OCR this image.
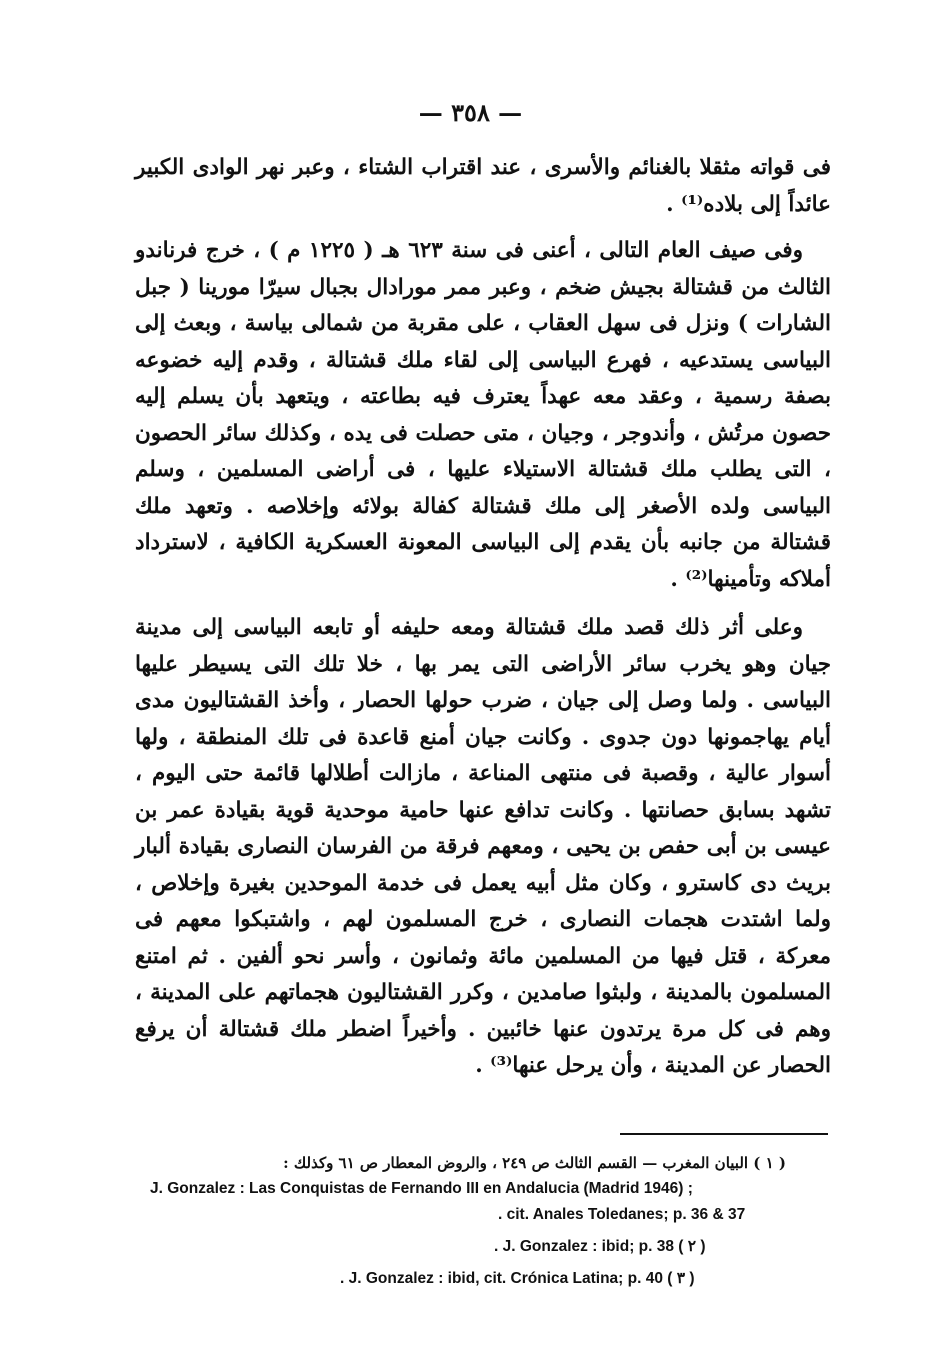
— ٣٥٨ —

فى قواته مثقلا بالغنائم والأسرى ، عند اقتراب الشتاء ، وعبر نهر الوادى الكبير عائداً إلى بلاده⁽¹⁾ .

وفى صيف العام التالى ، أعنى فى سنة ٦٢٣ هـ ( ١٢٢٥ م ) ، خرج فرناندو الثالث من قشتالة بجيش ضخم ، وعبر ممر مورادال بجبال سيرّا مورينا ( جبل الشارات ) ونزل فى سهل العقاب ، على مقربة من شمالى بياسة ، وبعث إلى البياسى يستدعيه ، فهرع البياسى إلى لقاء ملك قشتالة ، وقدم إليه خضوعه بصفة رسمية ، وعقد معه عهداً يعترف فيه بطاعته ، ويتعهد بأن يسلم إليه حصون مرتُش ، وأندوجر ، وجيان ، متى حصلت فى يده ، وكذلك سائر الحصون ، التى يطلب ملك قشتالة الاستيلاء عليها ، فى أراضى المسلمين ، وسلم البياسى ولده الأصغر إلى ملك قشتالة كفالة بولائه وإخلاصه . وتعهد ملك قشتالة من جانبه بأن يقدم إلى البياسى المعونة العسكرية الكافية ، لاسترداد أملاكه وتأمينها⁽²⁾ .

وعلى أثر ذلك قصد ملك قشتالة ومعه حليفه أو تابعه البياسى إلى مدينة جيان وهو يخرب سائر الأراضى التى يمر بها ، خلا تلك التى يسيطر عليها البياسى . ولما وصل إلى جيان ، ضرب حولها الحصار ، وأخذ القشتاليون مدى أيام يهاجمونها دون جدوى . وكانت جيان أمنع قاعدة فى تلك المنطقة ، ولها أسوار عالية ، وقصبة فى منتهى المناعة ، مازالت أطلالها قائمة حتى اليوم ، تشهد بسابق حصانتها . وكانت تدافع عنها حامية موحدية قوية بقيادة عمر بن عيسى بن أبى حفص بن يحيى ، ومعهم فرقة من الفرسان النصارى بقيادة ألبار بريث دى كاسترو ، وكان مثل أبيه يعمل فى خدمة الموحدين بغيرة وإخلاص ، ولما اشتدت هجمات النصارى ، خرج المسلمون لهم ، واشتبكوا معهم فى معركة ، قتل فيها من المسلمين مائة وثمانون ، وأسر نحو ألفين . ثم امتنع المسلمون بالمدينة ، ولبثوا صامدين ، وكرر القشتاليون هجماتهم على المدينة ، وهم فى كل مرة يرتدون عنها خائبين . وأخيراً اضطر ملك قشتالة أن يرفع الحصار عن المدينة ، وأن يرحل عنها⁽³⁾ .

( ١ ) البيان المغرب — القسم الثالث ص ٢٤٩ ، والروض المعطار ص ٦١ وكذلك :
J. Gonzalez : Las Conquistas de Fernando III en Andalucia (Madrid 1946) ;
. cit. Anales Toledanes; p. 36 & 37
. J. Gonzalez : ibid; p. 38 ( ٢ )
. J. Gonzalez : ibid, cit. Crónica Latina; p. 40 ( ٣ )
